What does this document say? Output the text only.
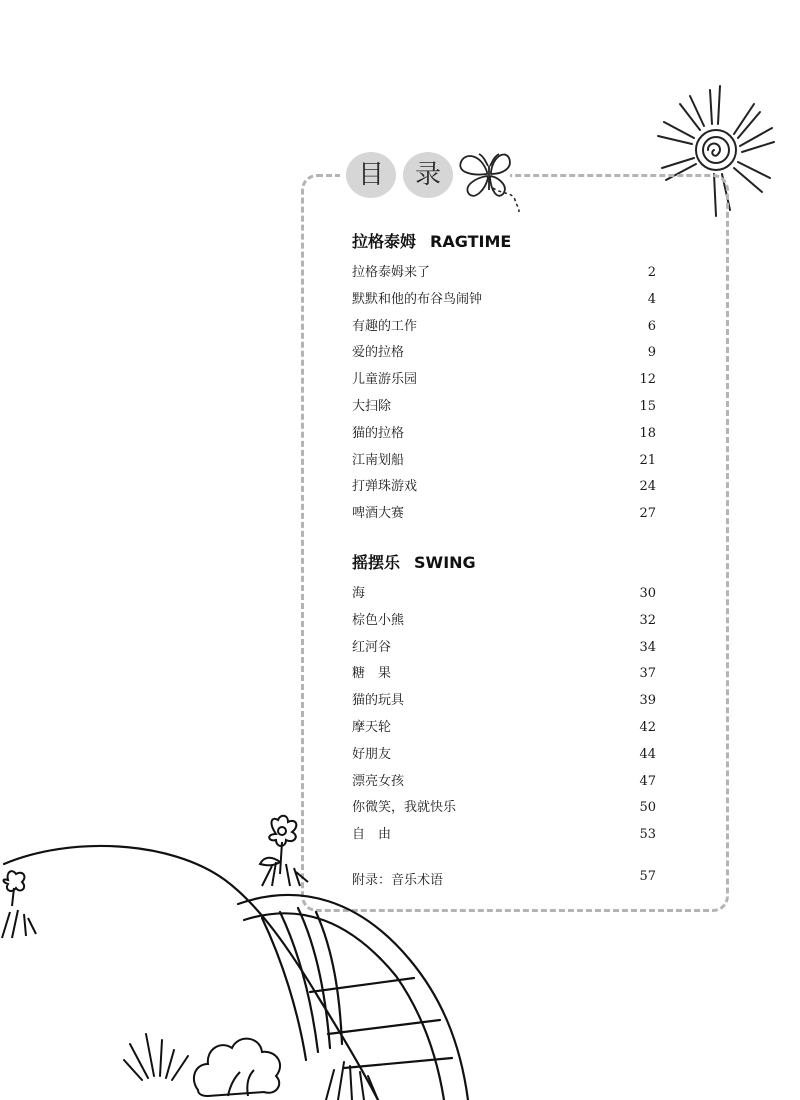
目	录
拉格泰姆 RAGTIME
拉格泰姆来了	2
默默和他的布谷鸟闹钟	4
有趣的工作	6
爱的拉格	9
儿童游乐园	12
大扫除	15
猫的拉格	18
江南划船	21
打弹珠游戏	24
啤酒大赛	27
摇摆乐 SWING
海	30
棕色小熊	32
红河谷	34
糖　果	37
猫的玩具	39
摩天轮	42
好朋友	44
漂亮女孩	47
你微笑，我就快乐	50
自　由	53
附录：音乐术语	57
